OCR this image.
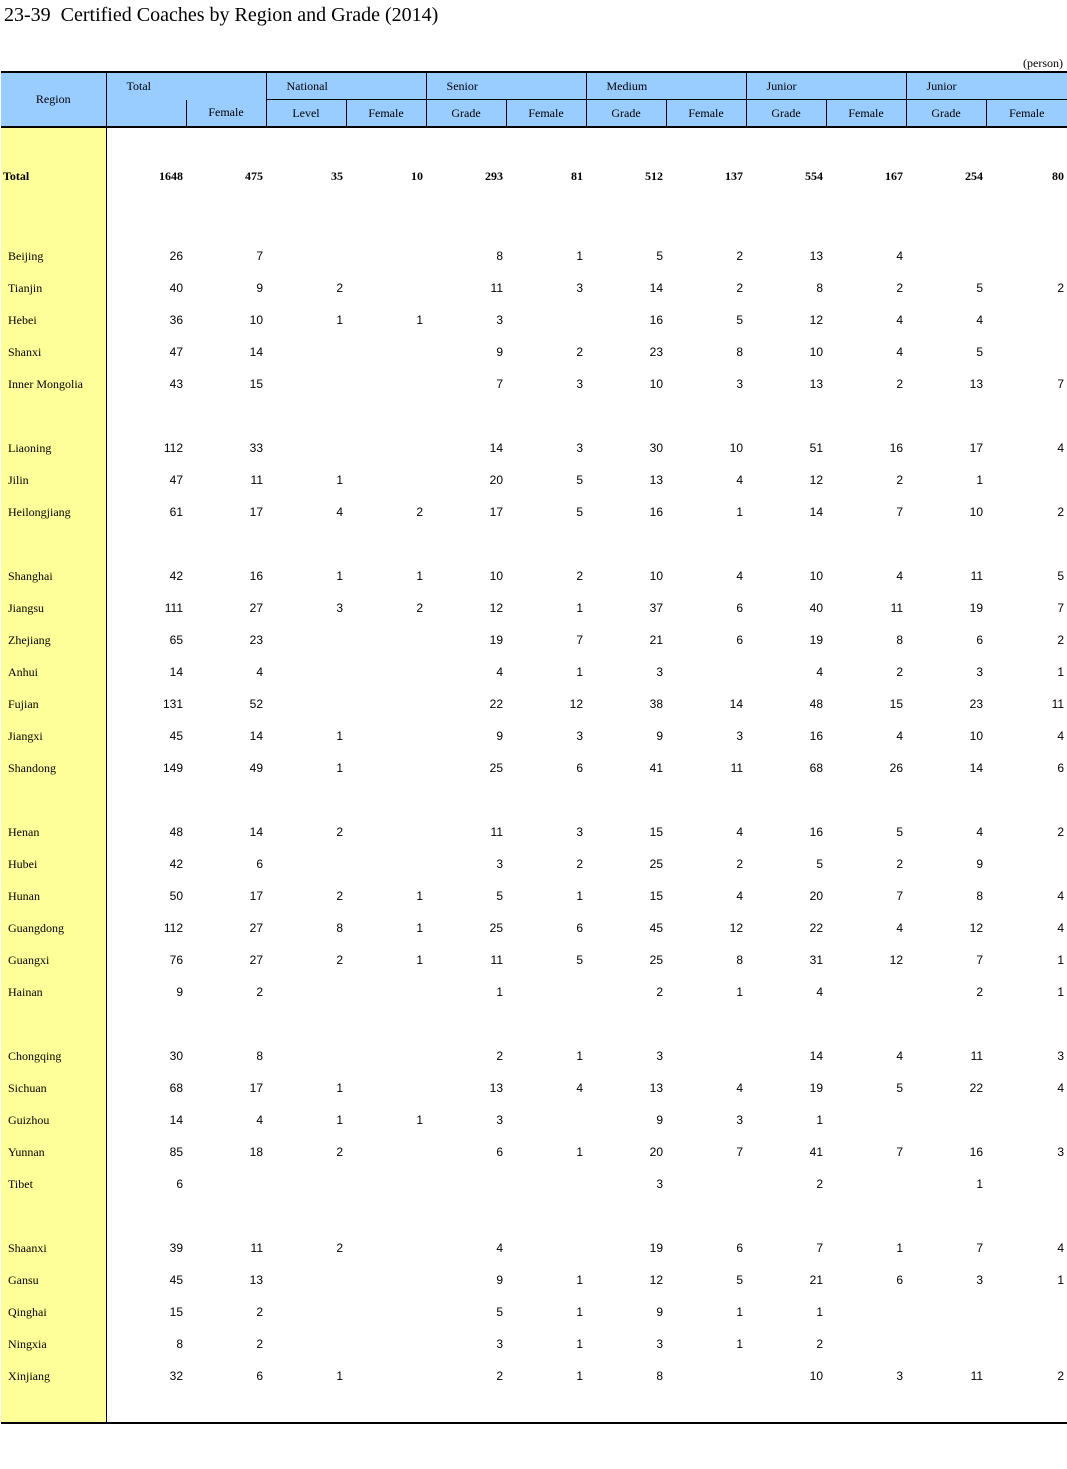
23-39  Certified Coaches by Region and Grade (2014)
(person)
Region	Total		National		Senior		Medium		Junior		Junior	
		Female	Level	Female	Grade	Female	Grade	Female	Grade	Female	Grade	Female

Total	1648	475	35	10	293	81	512	137	554	167	254	80

Beijing	26	7			8	1	5	2	13	4		
Tianjin	40	9	2		11	3	14	2	8	2	5	2
Hebei	36	10	1	1	3		16	5	12	4	4	
Shanxi	47	14			9	2	23	8	10	4	5	
Inner Mongolia	43	15			7	3	10	3	13	2	13	7

Liaoning	112	33			14	3	30	10	51	16	17	4
Jilin	47	11	1		20	5	13	4	12	2	1	
Heilongjiang	61	17	4	2	17	5	16	1	14	7	10	2

Shanghai	42	16	1	1	10	2	10	4	10	4	11	5
Jiangsu	111	27	3	2	12	1	37	6	40	11	19	7
Zhejiang	65	23			19	7	21	6	19	8	6	2
Anhui	14	4			4	1	3		4	2	3	1
Fujian	131	52			22	12	38	14	48	15	23	11
Jiangxi	45	14	1		9	3	9	3	16	4	10	4
Shandong	149	49	1		25	6	41	11	68	26	14	6

Henan	48	14	2		11	3	15	4	16	5	4	2
Hubei	42	6			3	2	25	2	5	2	9	
Hunan	50	17	2	1	5	1	15	4	20	7	8	4
Guangdong	112	27	8	1	25	6	45	12	22	4	12	4
Guangxi	76	27	2	1	11	5	25	8	31	12	7	1
Hainan	9	2			1		2	1	4		2	1

Chongqing	30	8			2	1	3		14	4	11	3
Sichuan	68	17	1		13	4	13	4	19	5	22	4
Guizhou	14	4	1	1	3		9	3	1			
Yunnan	85	18	2		6	1	20	7	41	7	16	3
Tibet	6						3		2		1	

Shaanxi	39	11	2		4		19	6	7	1	7	4
Gansu	45	13			9	1	12	5	21	6	3	1
Qinghai	15	2			5	1	9	1	1			
Ningxia	8	2			3	1	3	1	2			
Xinjiang	32	6	1		2	1	8		10	3	11	2
